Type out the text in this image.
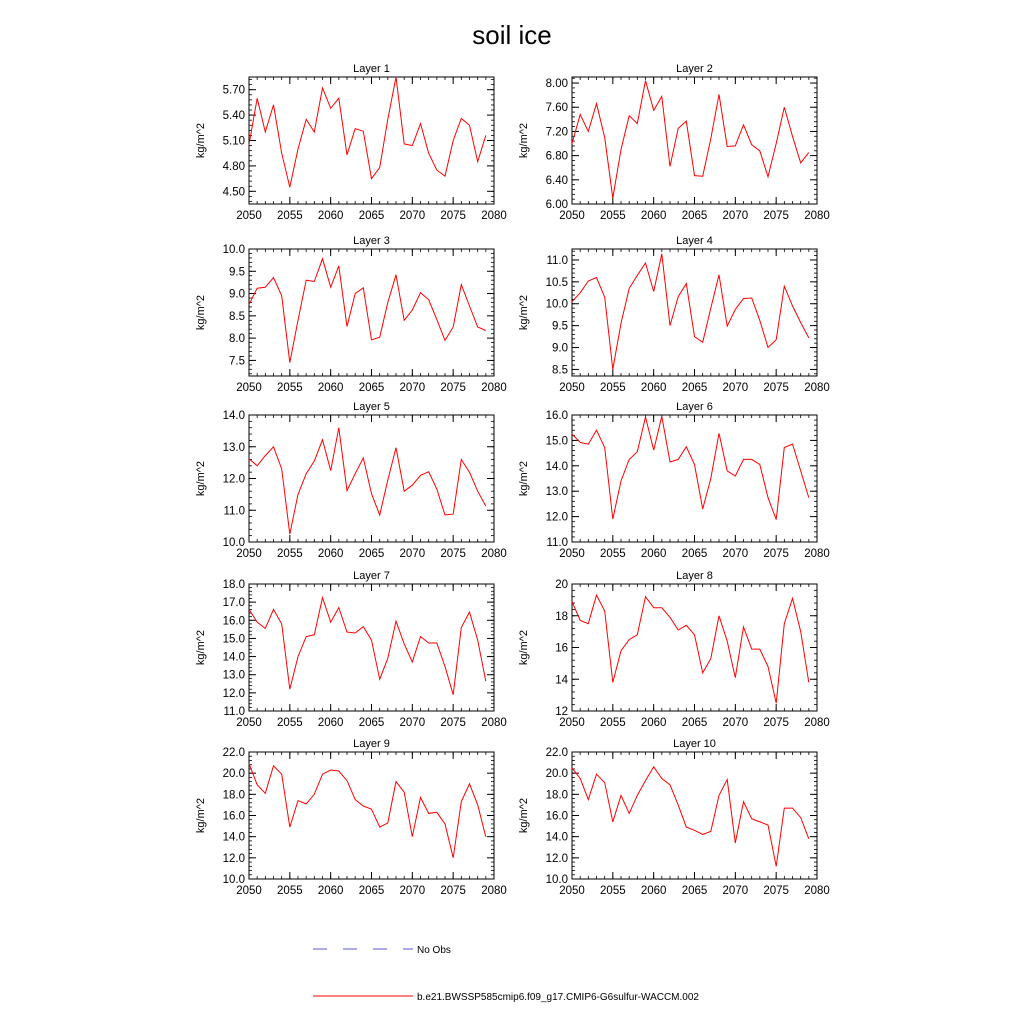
soil ice
Layer 1
kg/m^2
2050 2055 2060 2065 2070 2075 2080
4.50
4.80
5.10
5.40
5.70
Layer 2
kg/m^2
2050 2055 2060 2065 2070 2075 2080
6.00
6.40
6.80
7.20
7.60
8.00
Layer 3
kg/m^2
2050 2055 2060 2065 2070 2075 2080
7.5
8.0
8.5
9.0
9.5
10.0
Layer 4
kg/m^2
2050 2055 2060 2065 2070 2075 2080
8.5
9.0
9.5
10.0
10.5
11.0
Layer 5
kg/m^2
2050 2055 2060 2065 2070 2075 2080
10.0
11.0
12.0
13.0
14.0
Layer 6
kg/m^2
2050 2055 2060 2065 2070 2075 2080
11.0
12.0
13.0
14.0
15.0
16.0
Layer 7
kg/m^2
2050 2055 2060 2065 2070 2075 2080
11.0
12.0
13.0
14.0
15.0
16.0
17.0
18.0
Layer 8
kg/m^2
2050 2055 2060 2065 2070 2075 2080
12
14
16
18
20
Layer 9
kg/m^2
2050 2055 2060 2065 2070 2075 2080
10.0
12.0
14.0
16.0
18.0
20.0
22.0
Layer 10
kg/m^2
2050 2055 2060 2065 2070 2075 2080
10.0
12.0
14.0
16.0
18.0
20.0
22.0
No Obs
b.e21.BWSSP585cmip6.f09_g17.CMIP6-G6sulfur-WACCM.002
